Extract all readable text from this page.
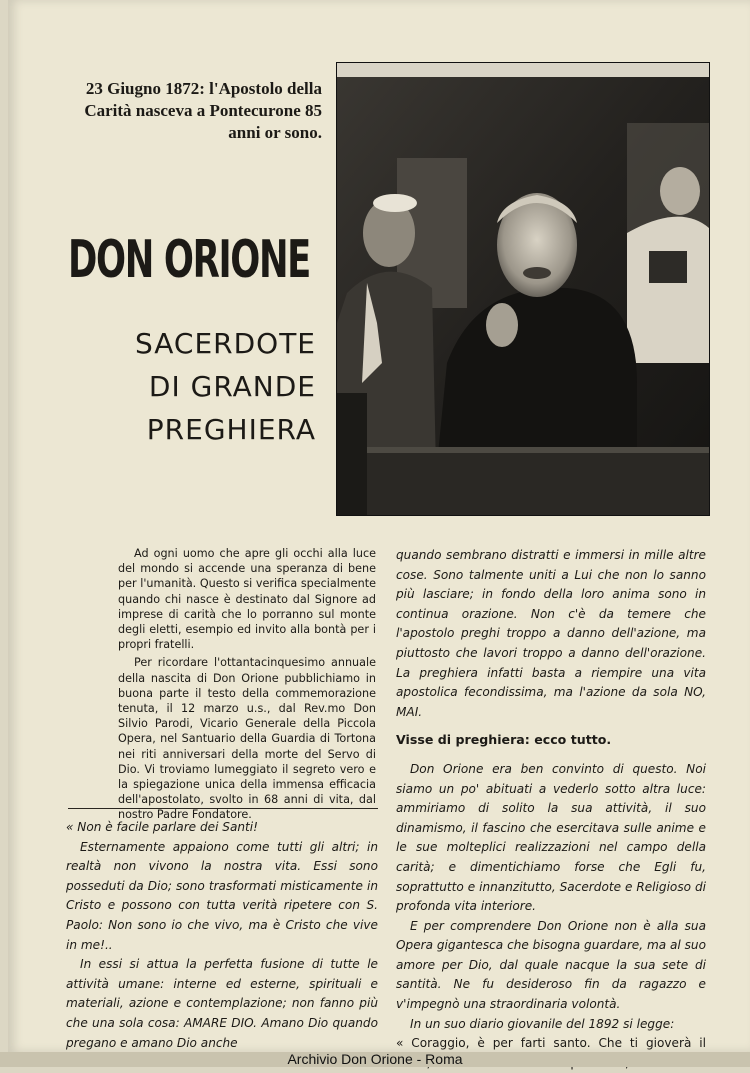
23 Giugno 1872: l'Apostolo della Carità nasceva a Pontecurone 85 anni or sono.
DON ORIONE
SACERDOTE
DI GRANDE
PREGHIERA

Ad ogni uomo che apre gli occhi alla luce del mondo si accende una speranza di bene per l'umanità. Questo si verifica specialmente quando chi nasce è destinato dal Signore ad imprese di carità che lo porranno sul monte degli eletti, esempio ed invito alla bontà per i propri fratelli.

Per ricordare l'ottantacinquesimo annuale della nascita di Don Orione pubblichiamo in buona parte il testo della commemorazione tenuta, il 12 marzo u.s., dal Rev.mo Don Silvio Parodi, Vicario Generale della Piccola Opera, nel Santuario della Guardia di Tortona nei riti anniversari della morte del Servo di Dio. Vi troviamo lumeggiato il segreto vero e la spiegazione unica della immensa efficacia dell'apostolato, svolto in 68 anni di vita, dal nostro Padre Fondatore.

« Non è facile parlare dei Santi!

Esternamente appaiono come tutti gli altri; in realtà non vivono la nostra vita. Essi sono posseduti da Dio; sono trasformati misticamente in Cristo e possono con tutta verità ripetere con S. Paolo: Non sono io che vivo, ma è Cristo che vive in me!..

In essi si attua la perfetta fusione di tutte le attività umane: interne ed esterne, spirituali e materiali, azione e contemplazione; non fanno più che una sola cosa: AMARE DIO. Amano Dio quando pregano e amano Dio anche

quando sembrano distratti e immersi in mille altre cose. Sono talmente uniti a Lui che non lo sanno più lasciare; in fondo della loro anima sono in continua orazione. Non c'è da temere che l'apostolo preghi troppo a danno dell'azione, ma piuttosto che lavori troppo a danno dell'orazione. La preghiera infatti basta a riempire una vita apostolica fecondissima, ma l'azione da sola NO, MAI.

Visse di preghiera: ecco tutto.

Don Orione era ben convinto di questo. Noi siamo un po' abituati a vederlo sotto altra luce: ammiriamo di solito la sua attività, il suo dinamismo, il fascino che esercitava sulle anime e le sue molteplici realizzazioni nel campo della carità; e dimentichiamo forse che Egli fu, soprattutto e innanzitutto, Sacerdote e Religioso di profonda vita interiore.

E per comprendere Don Orione non è alla sua Opera gigantesca che bisogna guardare, ma al suo amore per Dio, dal quale nacque la sua sete di santità. Ne fu desideroso fin da ragazzo e v'impegnò una straordinaria volontà.

In un suo diario giovanile del 1892 si legge:

« Coraggio, è per farti santo. Che ti gioverà il

Archivio Don Orione - Roma
